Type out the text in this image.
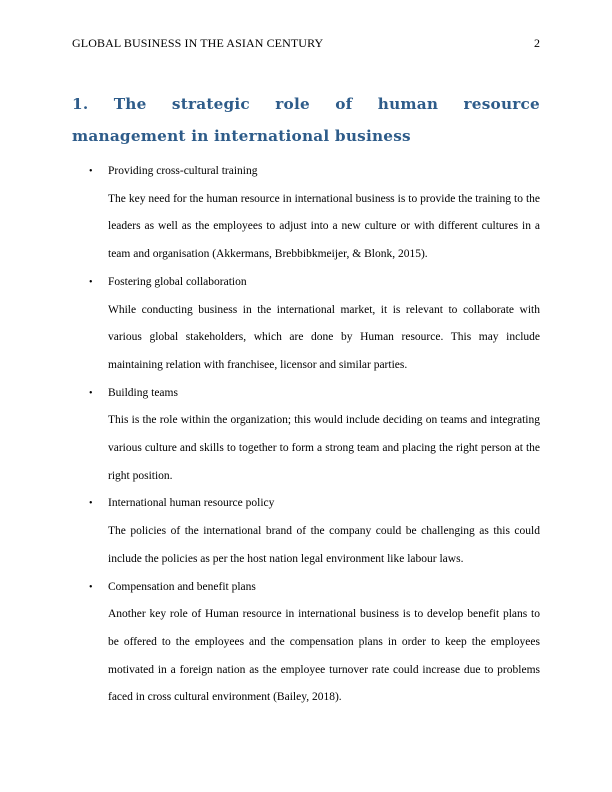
GLOBAL BUSINESS IN THE ASIAN CENTURY	2
1. The strategic role of human resource management in international business
• Providing cross-cultural training
The key need for the human resource in international business is to provide the training to the leaders as well as the employees to adjust into a new culture or with different cultures in a team and organisation (Akkermans, Brebbibkmeijer, & Blonk, 2015).
• Fostering global collaboration
While conducting business in the international market, it is relevant to collaborate with various global stakeholders, which are done by Human resource. This may include maintaining relation with franchisee, licensor and similar parties.
• Building teams
This is the role within the organization; this would include deciding on teams and integrating various culture and skills to together to form a strong team and placing the right person at the right position.
• International human resource policy
The policies of the international brand of the company could be challenging as this could include the policies as per the host nation legal environment like labour laws.
• Compensation and benefit plans
Another key role of Human resource in international business is to develop benefit plans to be offered to the employees and the compensation plans in order to keep the employees motivated in a foreign nation as the employee turnover rate could increase due to problems faced in cross cultural environment (Bailey, 2018).
